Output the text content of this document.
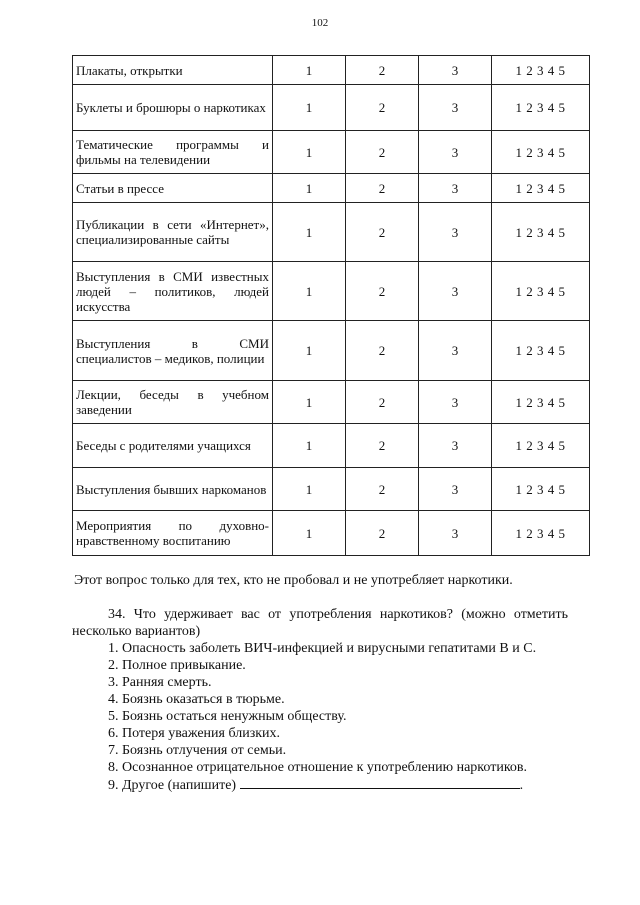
102
Плакаты, открытки	1	2	3	1 2 3 4 5
Буклеты и брошюры о наркотиках	1	2	3	1 2 3 4 5
Тематические программы и фильмы на телевидении	1	2	3	1 2 3 4 5
Статьи в прессе	1	2	3	1 2 3 4 5
Публикации в сети «Интернет», специализированные сайты	1	2	3	1 2 3 4 5
Выступления в СМИ известных людей – политиков, людей искусства	1	2	3	1 2 3 4 5
Выступления в СМИ специалистов – медиков, полиции	1	2	3	1 2 3 4 5
Лекции, беседы в учебном заведении	1	2	3	1 2 3 4 5
Беседы с родителями учащихся	1	2	3	1 2 3 4 5
Выступления бывших наркоманов	1	2	3	1 2 3 4 5
Мероприятия по духовно-нравственному воспитанию	1	2	3	1 2 3 4 5
Этот вопрос только для тех, кто не пробовал и не употребляет наркотики.
34. Что удерживает вас от употребления наркотиков? (можно отметить несколько вариантов)
1. Опасность заболеть ВИЧ-инфекцией и вирусными гепатитами В и С.
2. Полное привыкание.
3. Ранняя смерть.
4. Боязнь оказаться в тюрьме.
5. Боязнь остаться ненужным обществу.
6. Потеря уважения близких.
7. Боязнь отлучения от семьи.
8. Осознанное отрицательное отношение к употреблению наркотиков.
9. Другое (напишите)	.
